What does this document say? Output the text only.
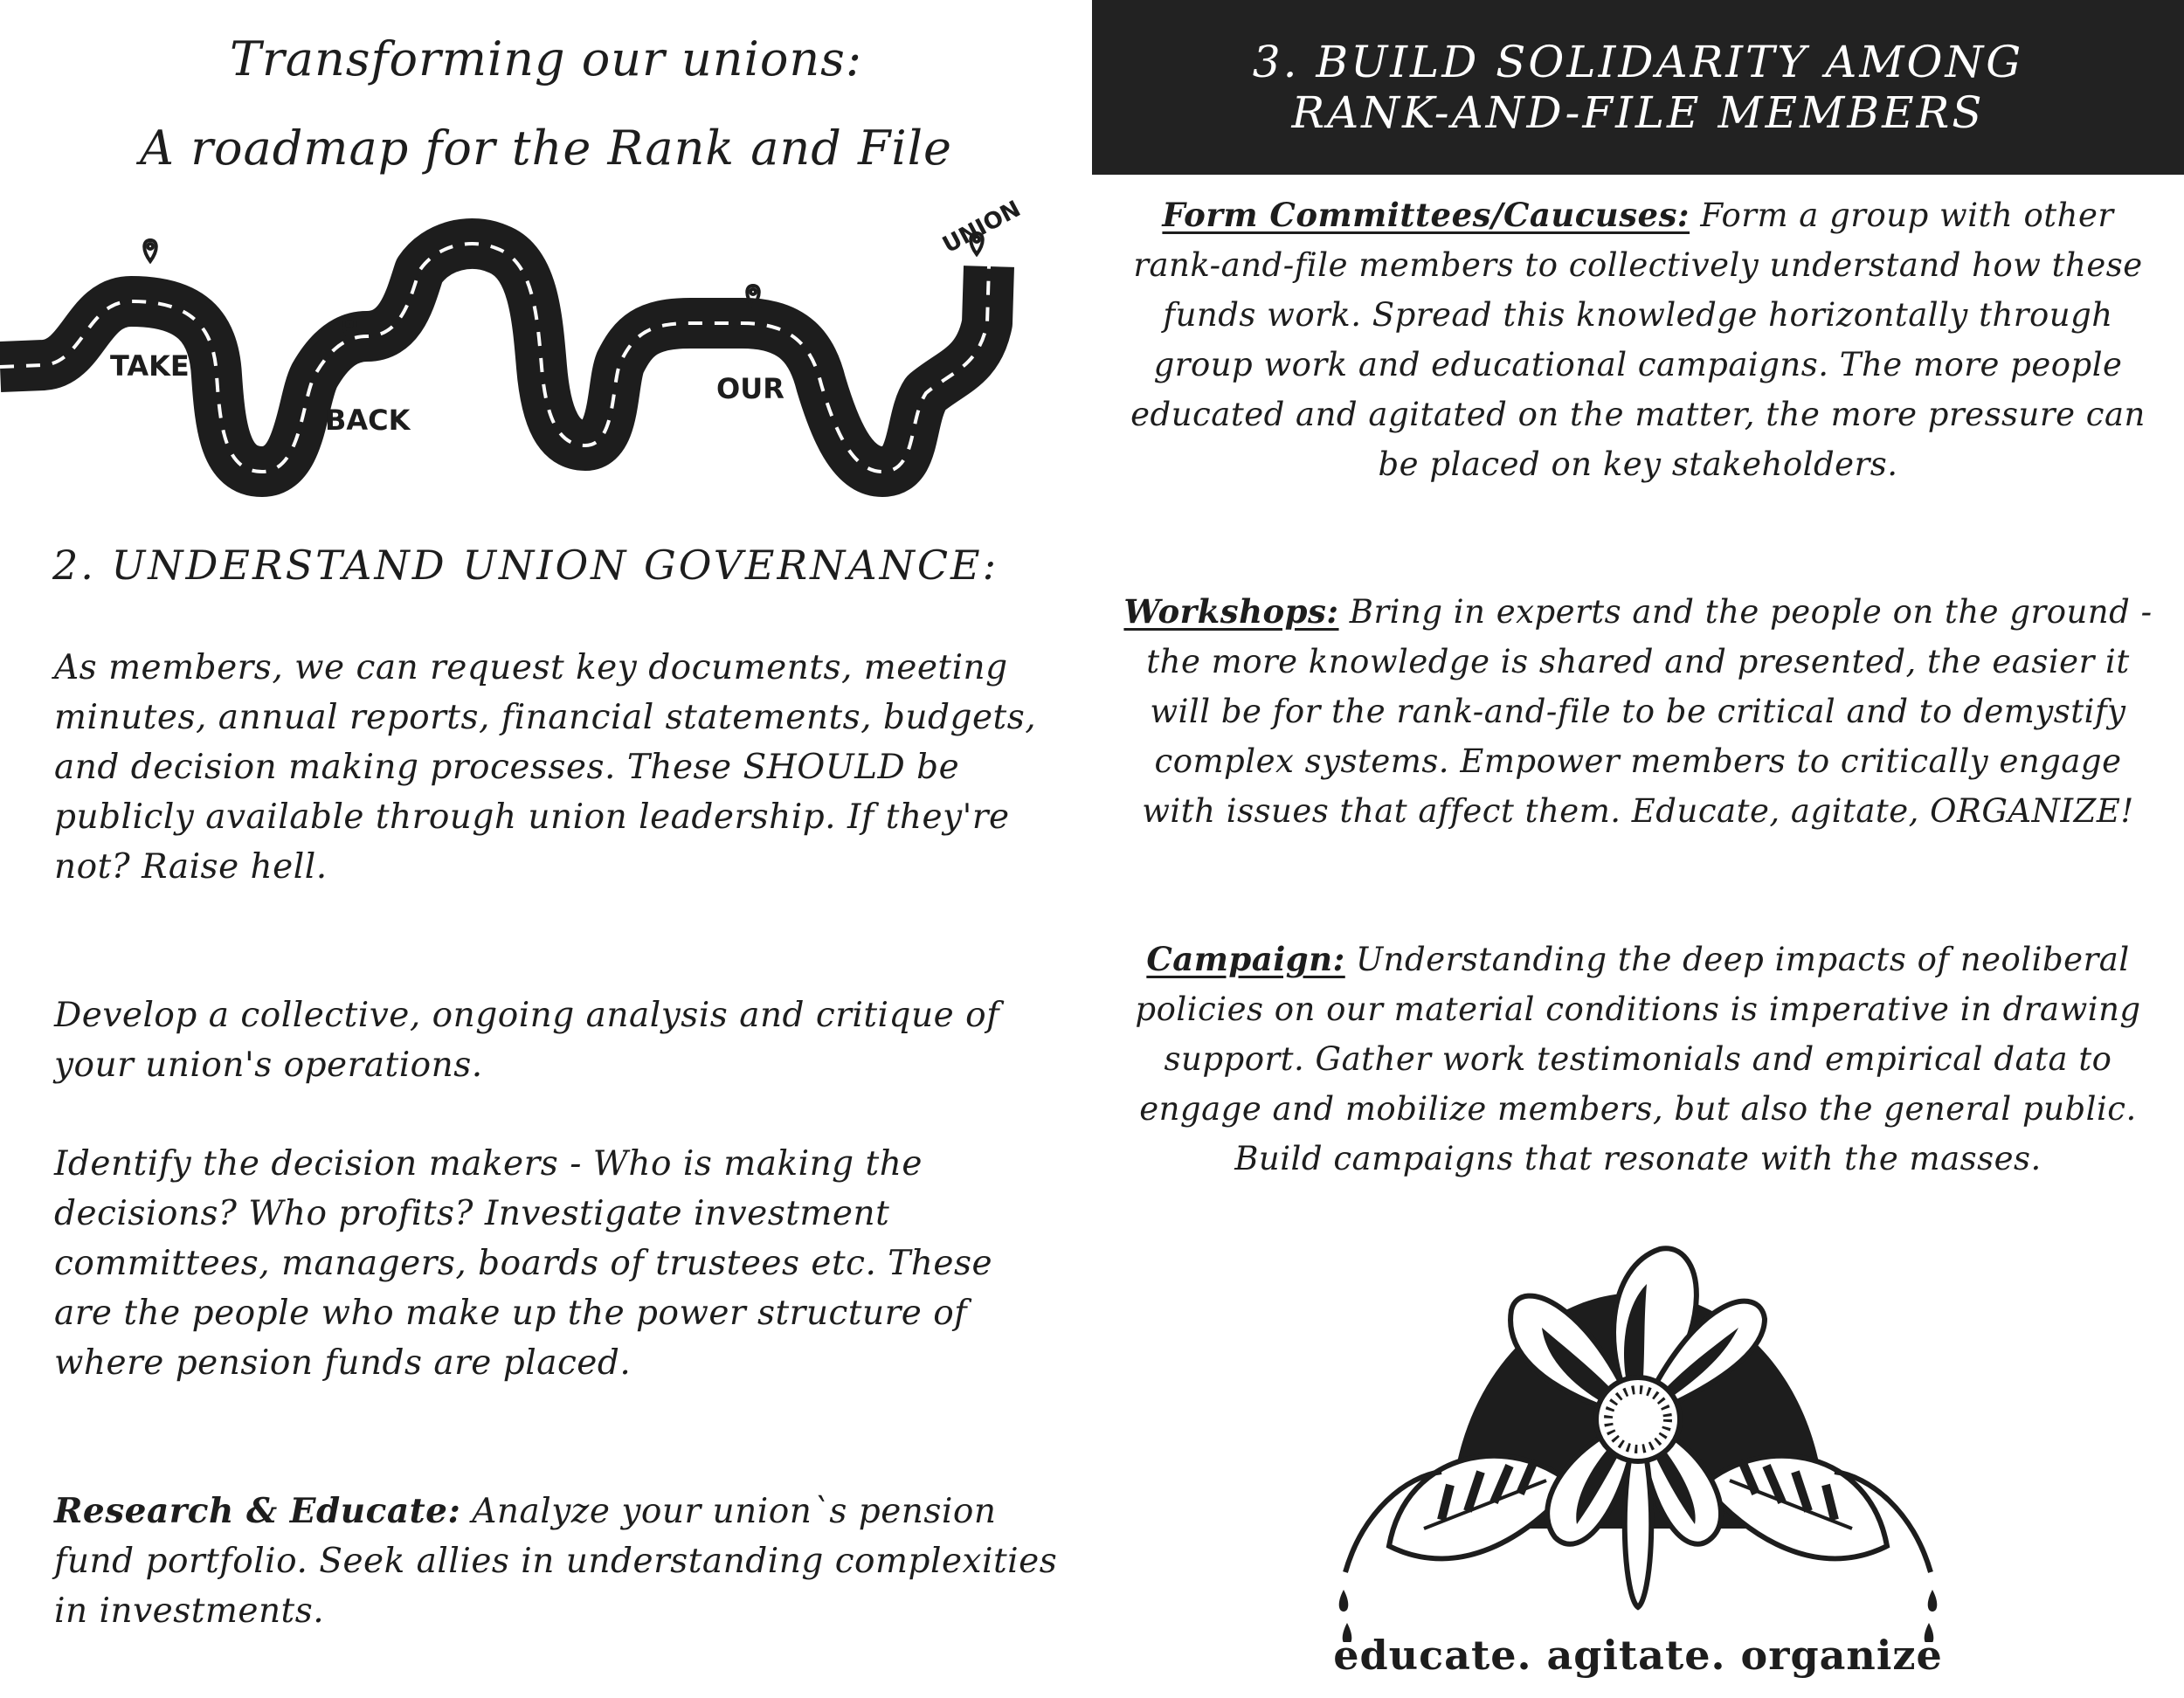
Transforming our unions:
A roadmap for the Rank and File
TAKE
BACK
OUR
UNION
2. UNDERSTAND UNION GOVERNANCE:

As members, we can request key documents, meeting minutes, annual reports, financial statements, budgets, and decision making processes. These SHOULD be publicly available through union leadership. If they're not? Raise hell.

Develop a collective, ongoing analysis and critique of your union's operations.

Identify the decision makers - Who is making the decisions? Who profits? Investigate investment committees, managers, boards of trustees etc. These are the people who make up the power structure of where pension funds are placed.

Research & Educate: Analyze your union`s pension fund portfolio. Seek allies in understanding complexities in investments.

3. BUILD SOLIDARITY AMONG
RANK-AND-FILE MEMBERS

Form Committees/Caucuses: Form a group with other rank-and-file members to collectively understand how these funds work. Spread this knowledge horizontally through group work and educational campaigns. The more people educated and agitated on the matter, the more pressure can be placed on key stakeholders.

Workshops: Bring in experts and the people on the ground - the more knowledge is shared and presented, the easier it will be for the rank-and-file to be critical and to demystify complex systems. Empower members to critically engage with issues that affect them. Educate, agitate, ORGANIZE!

Campaign: Understanding the deep impacts of neoliberal policies on our material conditions is imperative in drawing support. Gather work testimonials and empirical data to engage and mobilize members, but also the general public. Build campaigns that resonate with the masses.

educate. agitate. organize
